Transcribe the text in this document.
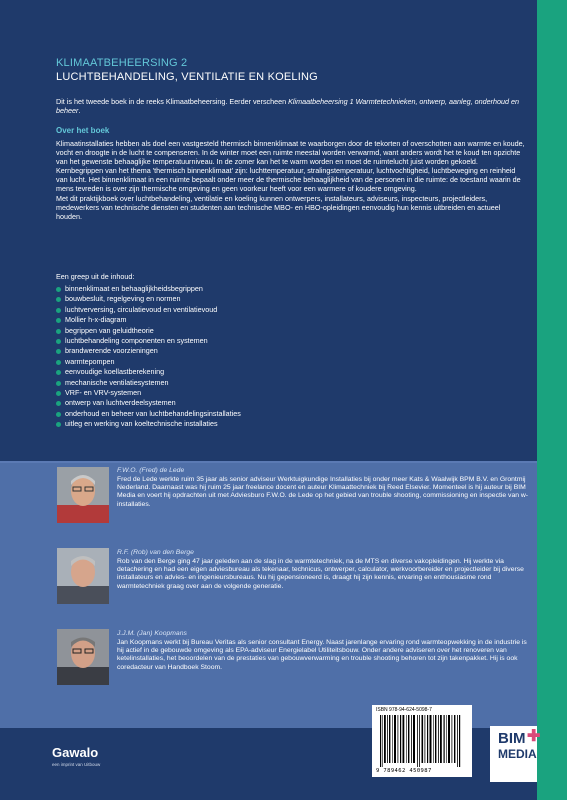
KLIMAATBEHEERSING 2
LUCHTBEHANDELING, VENTILATIE EN KOELING
Dit is het tweede boek in de reeks Klimaatbeheersing. Eerder verscheen Klimaatbeheersing 1 Warmtetechnieken, ontwerp, aanleg, onderhoud en beheer.
Over het boek

Klimaatinstallaties hebben als doel een vastgesteld thermisch binnenklimaat te waarborgen door de tekorten of overschotten aan warmte en koude, vocht en droogte in de lucht te compenseren. In de winter moet een ruimte meestal worden verwarmd, want anders wordt het te koud ten opzichte van het gewenste behaaglijke temperatuurniveau. In de zomer kan het te warm worden en moet de ruimtelucht juist worden gekoeld. Kernbegrippen van het thema 'thermisch binnenklimaat' zijn: luchttemperatuur, stralingstemperatuur, luchtvochtigheid, luchtbeweging en reinheid van lucht. Het binnenklimaat in een ruimte bepaalt onder meer de thermische behaaglijkheid van de personen in die ruimte: de toestand waarin de mens tevreden is over zijn thermische omgeving en geen voorkeur heeft voor een warmere of koudere omgeving.

Met dit praktijkboek over luchtbehandeling, ventilatie en koeling kunnen ontwerpers, installateurs, adviseurs, inspecteurs, projectleiders, medewerkers van technische diensten en studenten aan technische MBO- en HBO-opleidingen eenvoudig hun kennis uitbreiden en actueel houden.

Een greep uit de inhoud:
binnenklimaat en behaaglijkheidsbegrippen
bouwbesluit, regelgeving en normen
luchtverversing, circulatievoud en ventilatievoud
Mollier h-x-diagram
begrippen van geluidtheorie
luchtbehandeling componenten en systemen
brandwerende voorzieningen
warmtepompen
eenvoudige koellastberekening
mechanische ventilatiesystemen
VRF- en VRV-systemen
ontwerp van luchtverdeelsystemen
onderhoud en beheer van luchtbehandelingsinstallaties
uitleg en werking van koeltechnische installaties
F.W.O. (Fred) de Lede
Fred de Lede werkte ruim 35 jaar als senior adviseur Werktuigkundige Installaties bij onder meer Kats & Waalwijk BPM B.V. en Grontmij Nederland. Daarnaast was hij ruim 25 jaar freelance docent en auteur Klimaattechniek bij Reed Elsevier. Momenteel is hij auteur bij BIM Media en voert hij opdrachten uit met Adviesburo F.W.O. de Lede op het gebied van trouble shooting, commissioning en inspectie van w-installaties.
R.F. (Rob) van den Berge
Rob van den Berge ging 47 jaar geleden aan de slag in de warmtetechniek, na de MTS en diverse vakopleidingen. Hij werkte via detachering en had een eigen adviesbureau als tekenaar, technicus, ontwerper, calculator, werkvoorbereider en projectleider bij diverse installateurs en advies- en ingenieursbureaus. Nu hij gepensioneerd is, draagt hij zijn kennis, ervaring en enthousiasme rond warmtetechniek graag over aan de volgende generatie.
J.J.M. (Jan) Koopmans
Jan Koopmans werkt bij Bureau Veritas als senior consultant Energy. Naast jarenlange ervaring rond warmteopwekking in de industrie is hij actief in de gebouwde omgeving als EPA-adviseur Energielabel Utiliteitsbouw. Onder andere adviseren over het renoveren van ketelinstallaties, het beoordelen van de prestaties van gebouwverwarming en trouble shooting behoren tot zijn takenpakket. Hij is ook coredacteur van Handboek Stoom.
Gawalo
een imprint van Uitbouw
ISBN 978-94-624-5098-7
9 789462 450987
BIM ✚
MEDIA
